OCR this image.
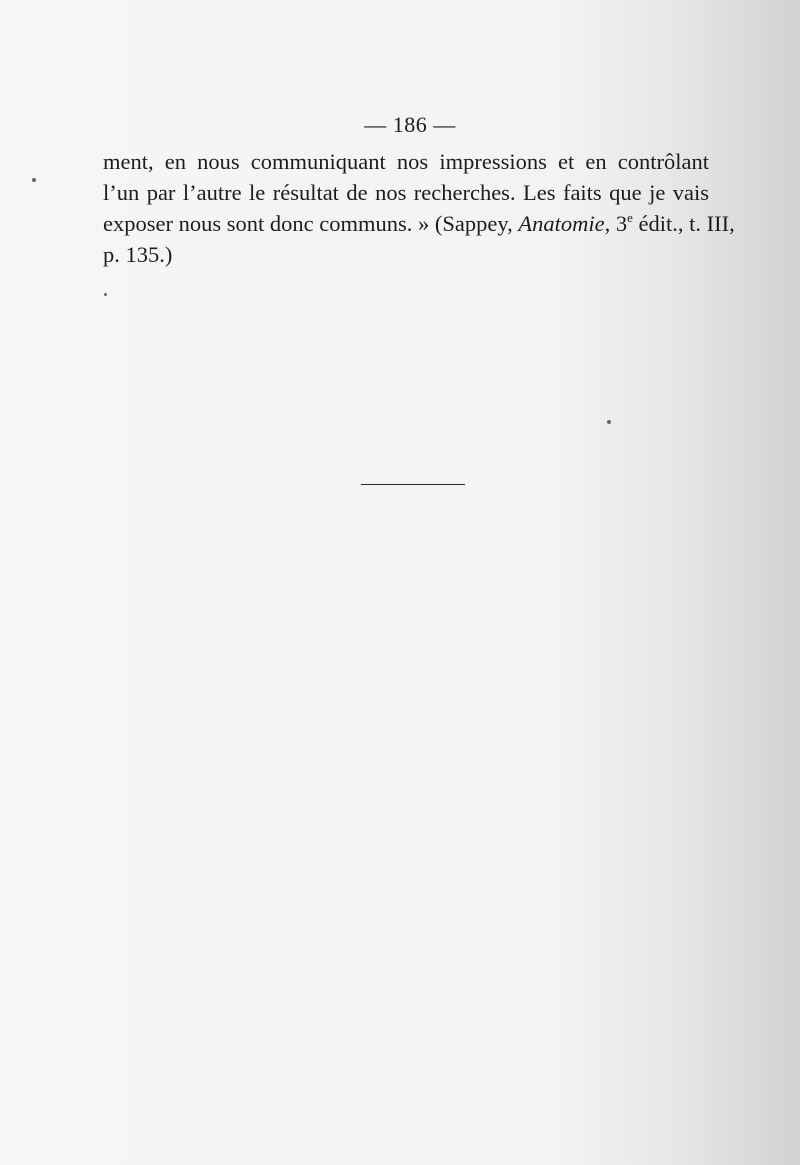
— 186 —
ment, en nous communiquant nos impressions et en contrôlant
l’un par l’autre le résultat de nos recherches. Les faits que je vais
exposer nous sont donc communs. » (Sappey, Anatomie, 3e édit., t. III,
p. 135.)
